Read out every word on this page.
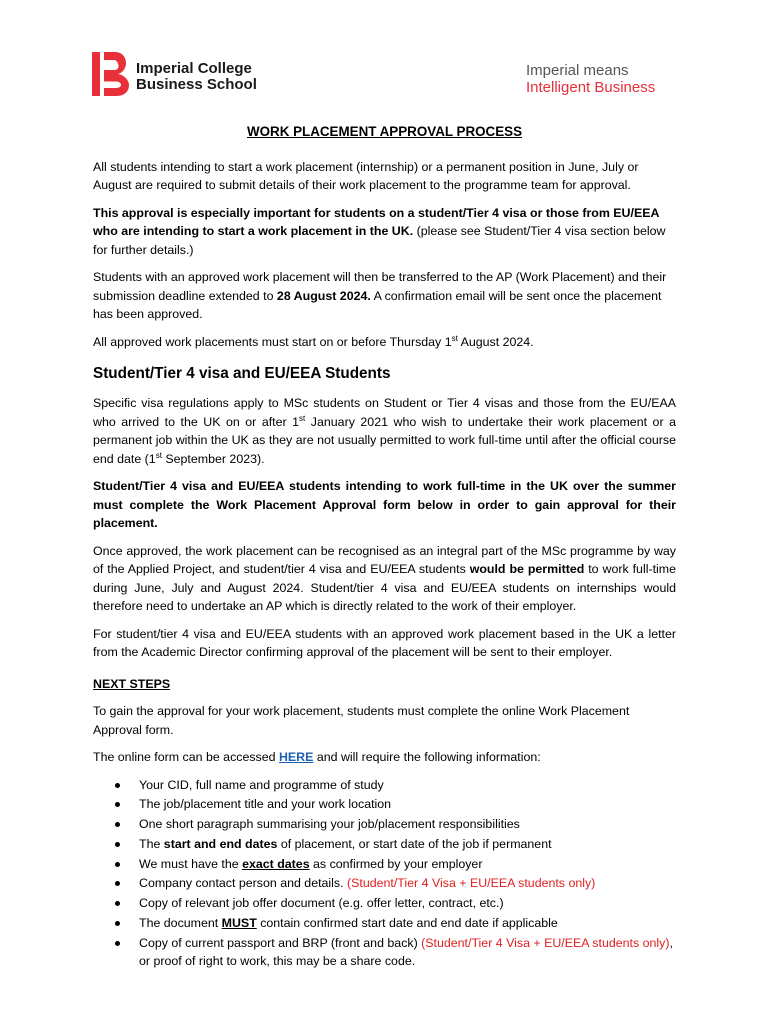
Imperial College
Business School
Imperial means
Intelligent Business
WORK PLACEMENT APPROVAL PROCESS

All students intending to start a work placement (internship) or a permanent position in June, July or August are required to submit details of their work placement to the programme team for approval.

This approval is especially important for students on a student/Tier 4 visa or those from EU/EEA who are intending to start a work placement in the UK. (please see Student/Tier 4 visa section below for further details.)

Students with an approved work placement will then be transferred to the AP (Work Placement) and their submission deadline extended to 28 August 2024. A confirmation email will be sent once the placement has been approved.

All approved work placements must start on or before Thursday 1st August 2024.

Student/Tier 4 visa and EU/EEA Students

Specific visa regulations apply to MSc students on Student or Tier 4 visas and those from the EU/EAA who arrived to the UK on or after 1st January 2021 who wish to undertake their work placement or a permanent job within the UK as they are not usually permitted to work full-time until after the official course end date (1st September 2023).

Student/Tier 4 visa and EU/EEA students intending to work full-time in the UK over the summer must complete the Work Placement Approval form below in order to gain approval for their placement.

Once approved, the work placement can be recognised as an integral part of the MSc programme by way of the Applied Project, and student/tier 4 visa and EU/EEA students would be permitted to work full-time during June, July and August 2024. Student/tier 4 visa and EU/EEA students on internships would therefore need to undertake an AP which is directly related to the work of their employer.

For student/tier 4 visa and EU/EEA students with an approved work placement based in the UK a letter from the Academic Director confirming approval of the placement will be sent to their employer.

NEXT STEPS

To gain the approval for your work placement, students must complete the online Work Placement Approval form.

The online form can be accessed HERE and will require the following information:

Your CID, full name and programme of study
The job/placement title and your work location
One short paragraph summarising your job/placement responsibilities
The start and end dates of placement, or start date of the job if permanent
We must have the exact dates as confirmed by your employer
Company contact person and details. (Student/Tier 4 Visa + EU/EEA students only)
Copy of relevant job offer document (e.g. offer letter, contract, etc.)
The document MUST contain confirmed start date and end date if applicable
Copy of current passport and BRP (front and back) (Student/Tier 4 Visa + EU/EEA students only), or proof of right to work, this may be a share code.
